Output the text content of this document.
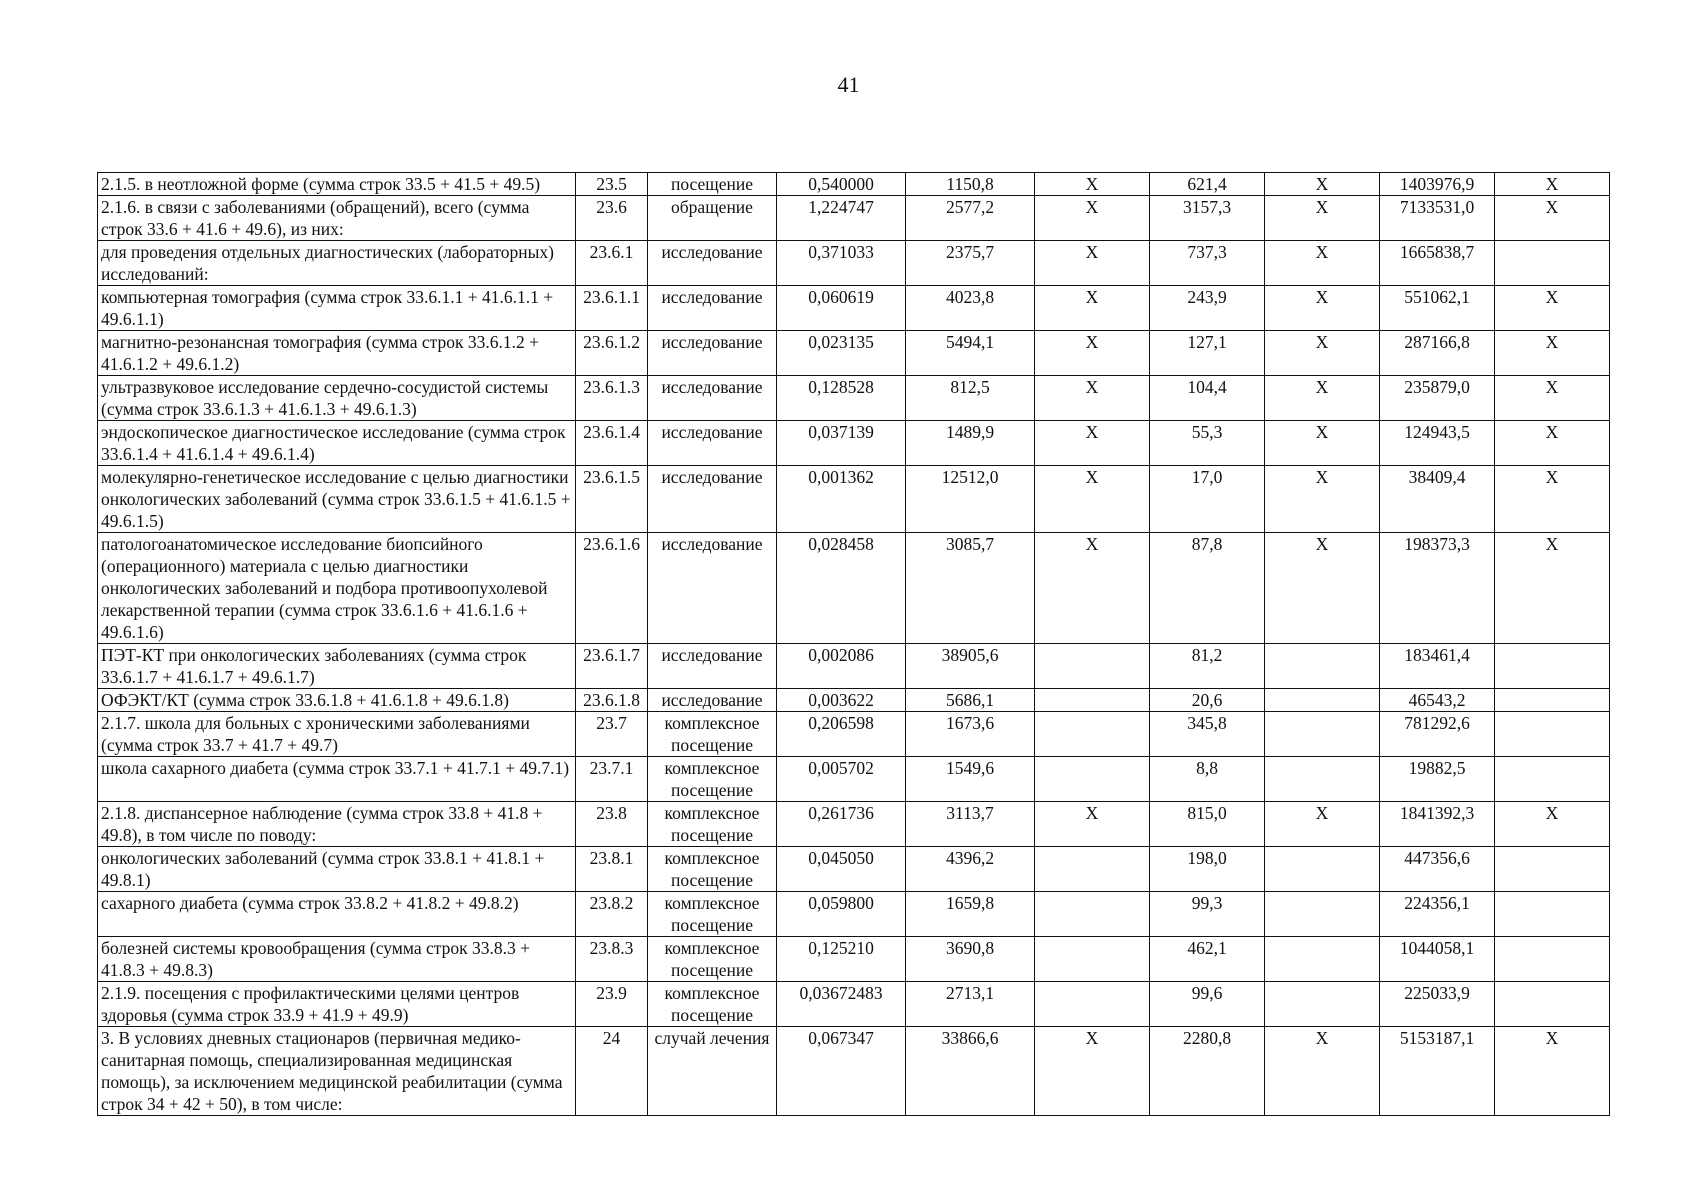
41
2.1.5. в неотложной форме (сумма строк 33.5 + 41.5 + 49.5)	23.5	посещение	0,540000	1150,8	Х	621,4	Х	1403976,9	Х
2.1.6. в связи с заболеваниями (обращений), всего (сумма строк 33.6 + 41.6 + 49.6), из них:	23.6	обращение	1,224747	2577,2	Х	3157,3	Х	7133531,0	Х
для проведения отдельных диагностических (лабораторных) исследований:	23.6.1	исследование	0,371033	2375,7	Х	737,3	Х	1665838,7	
компьютерная томография (сумма строк 33.6.1.1 + 41.6.1.1 + 49.6.1.1)	23.6.1.1	исследование	0,060619	4023,8	Х	243,9	Х	551062,1	Х
магнитно-резонансная томография (сумма строк 33.6.1.2 + 41.6.1.2 + 49.6.1.2)	23.6.1.2	исследование	0,023135	5494,1	Х	127,1	Х	287166,8	Х
ультразвуковое исследование сердечно-сосудистой системы (сумма строк 33.6.1.3 + 41.6.1.3 + 49.6.1.3)	23.6.1.3	исследование	0,128528	812,5	Х	104,4	Х	235879,0	Х
эндоскопическое диагностическое исследование (сумма строк 33.6.1.4 + 41.6.1.4 + 49.6.1.4)	23.6.1.4	исследование	0,037139	1489,9	Х	55,3	Х	124943,5	Х
молекулярно-генетическое исследование с целью диагностики онкологических заболеваний (сумма строк 33.6.1.5 + 41.6.1.5 + 49.6.1.5)	23.6.1.5	исследование	0,001362	12512,0	Х	17,0	Х	38409,4	Х
патологоанатомическое исследование биопсийного (операционного) материала с целью диагностики онкологических заболеваний и подбора противоопухолевой лекарственной терапии (сумма строк 33.6.1.6 + 41.6.1.6 + 49.6.1.6)	23.6.1.6	исследование	0,028458	3085,7	Х	87,8	Х	198373,3	Х
ПЭТ-КТ при онкологических заболеваниях (сумма строк 33.6.1.7 + 41.6.1.7 + 49.6.1.7)	23.6.1.7	исследование	0,002086	38905,6		81,2		183461,4	
ОФЭКТ/КТ (сумма строк 33.6.1.8 + 41.6.1.8 + 49.6.1.8)	23.6.1.8	исследование	0,003622	5686,1		20,6		46543,2	
2.1.7. школа для больных с хроническими заболеваниями (сумма строк 33.7 + 41.7 + 49.7)	23.7	комплексное посещение	0,206598	1673,6		345,8		781292,6	
школа сахарного диабета (сумма строк 33.7.1 + 41.7.1 + 49.7.1)	23.7.1	комплексное посещение	0,005702	1549,6		8,8		19882,5	
2.1.8. диспансерное наблюдение (сумма строк 33.8 + 41.8 + 49.8), в том числе по поводу:	23.8	комплексное посещение	0,261736	3113,7	Х	815,0	Х	1841392,3	Х
онкологических заболеваний (сумма строк 33.8.1 + 41.8.1 + 49.8.1)	23.8.1	комплексное посещение	0,045050	4396,2		198,0		447356,6	
сахарного диабета (сумма строк 33.8.2 + 41.8.2 + 49.8.2)	23.8.2	комплексное посещение	0,059800	1659,8		99,3		224356,1	
болезней системы кровообращения (сумма строк 33.8.3 + 41.8.3 + 49.8.3)	23.8.3	комплексное посещение	0,125210	3690,8		462,1		1044058,1	
2.1.9. посещения с профилактическими целями центров здоровья (сумма строк 33.9 + 41.9 + 49.9)	23.9	комплексное посещение	0,03672483	2713,1		99,6		225033,9	
3. В условиях дневных стационаров (первичная медико-санитарная помощь, специализированная медицинская помощь), за исключением медицинской реабилитации (сумма строк 34 + 42 + 50), в том числе:	24	случай лечения	0,067347	33866,6	Х	2280,8	Х	5153187,1	Х
